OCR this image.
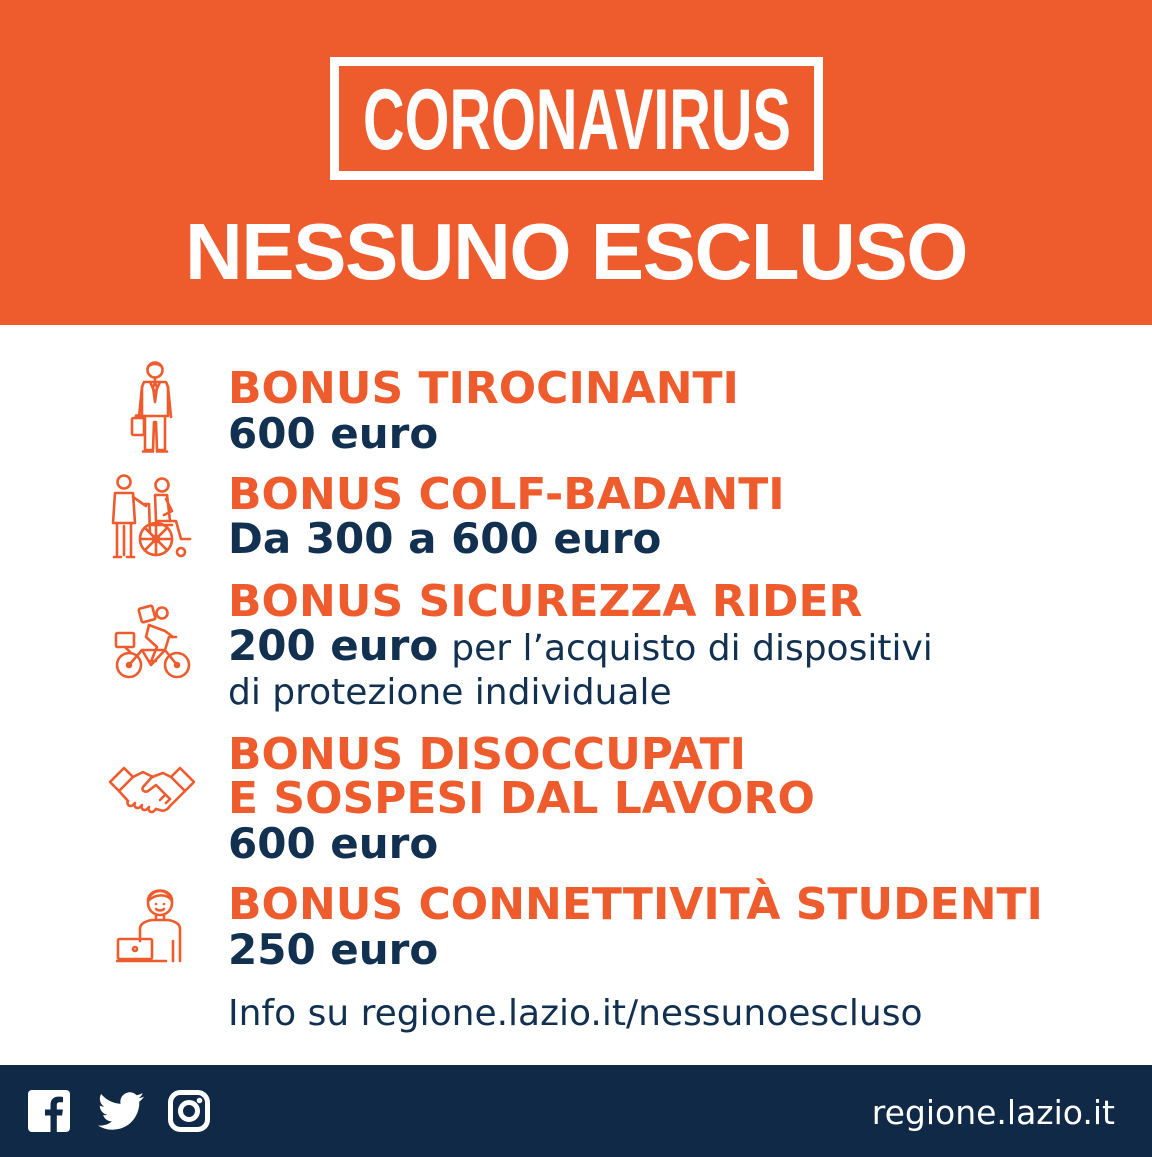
CORONAVIRUS
NESSUNO ESCLUSO
BONUS TIROCINANTI
600 euro
BONUS COLF-BADANTI
Da 300 a 600 euro
BONUS SICUREZZA RIDER
200 euro per l’acquisto di dispositivi
di protezione individuale
BONUS DISOCCUPATI
E SOSPESI DAL LAVORO
600 euro
BONUS CONNETTIVITÀ STUDENTI
250 euro
Info su regione.lazio.it/nessunoescluso
regione.lazio.it
